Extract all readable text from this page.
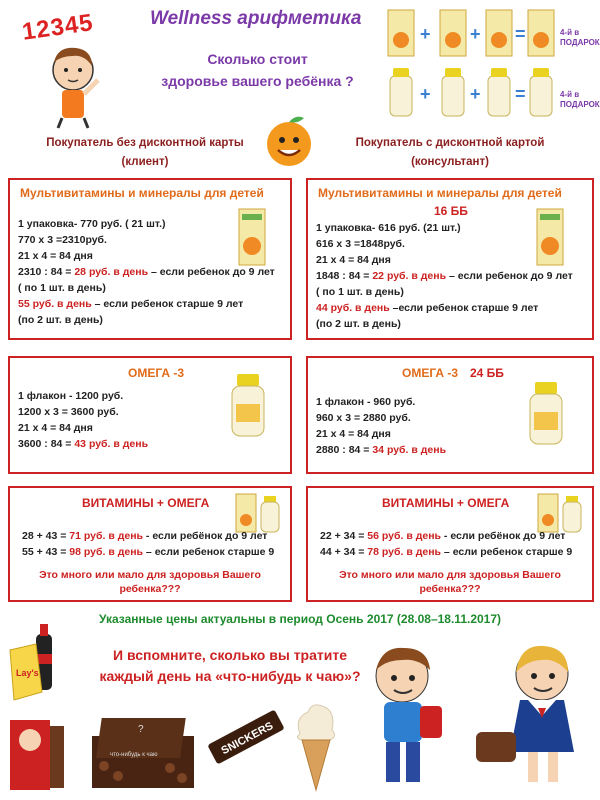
12345	Wellness арифметика
Сколько стоит
здоровье вашего ребёнка ?
+ + =	4-й в ПОДАРОК
+ + =	4-й в ПОДАРОК
Покупатель без дисконтной карты
(клиент)
Покупатель с дисконтной картой
(консультант)
Мультивитамины и минералы для детей
1 упаковка- 770 руб. ( 21 шт.)
770 х 3 =2310руб.
21 х 4 = 84 дня
2310 : 84 = 28 руб. в день – если ребенок до 9 лет
( по 1 шт. в день)
55 руб. в день – если ребенок старше 9 лет
(по 2 шт. в день)
Мультивитамины и минералы для детей
16 ББ
1 упаковка- 616 руб. (21 шт.)
616 х 3 =1848руб.
21 х 4 = 84 дня
1848 : 84 = 22 руб. в день – если ребенок до 9 лет
( по 1 шт. в день)
44 руб. в день –если ребенок старше 9 лет
(по 2 шт. в день)
ОМЕГА -3
1 флакон - 1200 руб.
1200 х 3 = 3600 руб.
21 х 4 = 84 дня
3600 : 84 = 43 руб. в день
ОМЕГА -3 24 ББ
1 флакон - 960 руб.
960 х 3 = 2880 руб.
21 х 4 = 84 дня
2880 : 84 = 34 руб. в день
ВИТАМИНЫ + ОМЕГА
28 + 43 = 71 руб. в день - если ребёнок до 9 лет
55 + 43 = 98 руб. в день – если ребенок старше 9
Это много или мало для здоровья Вашего
ребенка???
ВИТАМИНЫ + ОМЕГА
22 + 34 = 56 руб. в день - если ребёнок до 9 лет
44 + 34 = 78 руб. в день – если ребенок старше 9
Это много или мало для здоровья Вашего
ребенка???
Указанные цены актуальны в период Осень 2017 (28.08–18.11.2017)
Lay's
И вспомните, сколько вы тратите
каждый день на «что-нибудь к чаю»?
?
что-нибудь к чаю	SNICKERS
